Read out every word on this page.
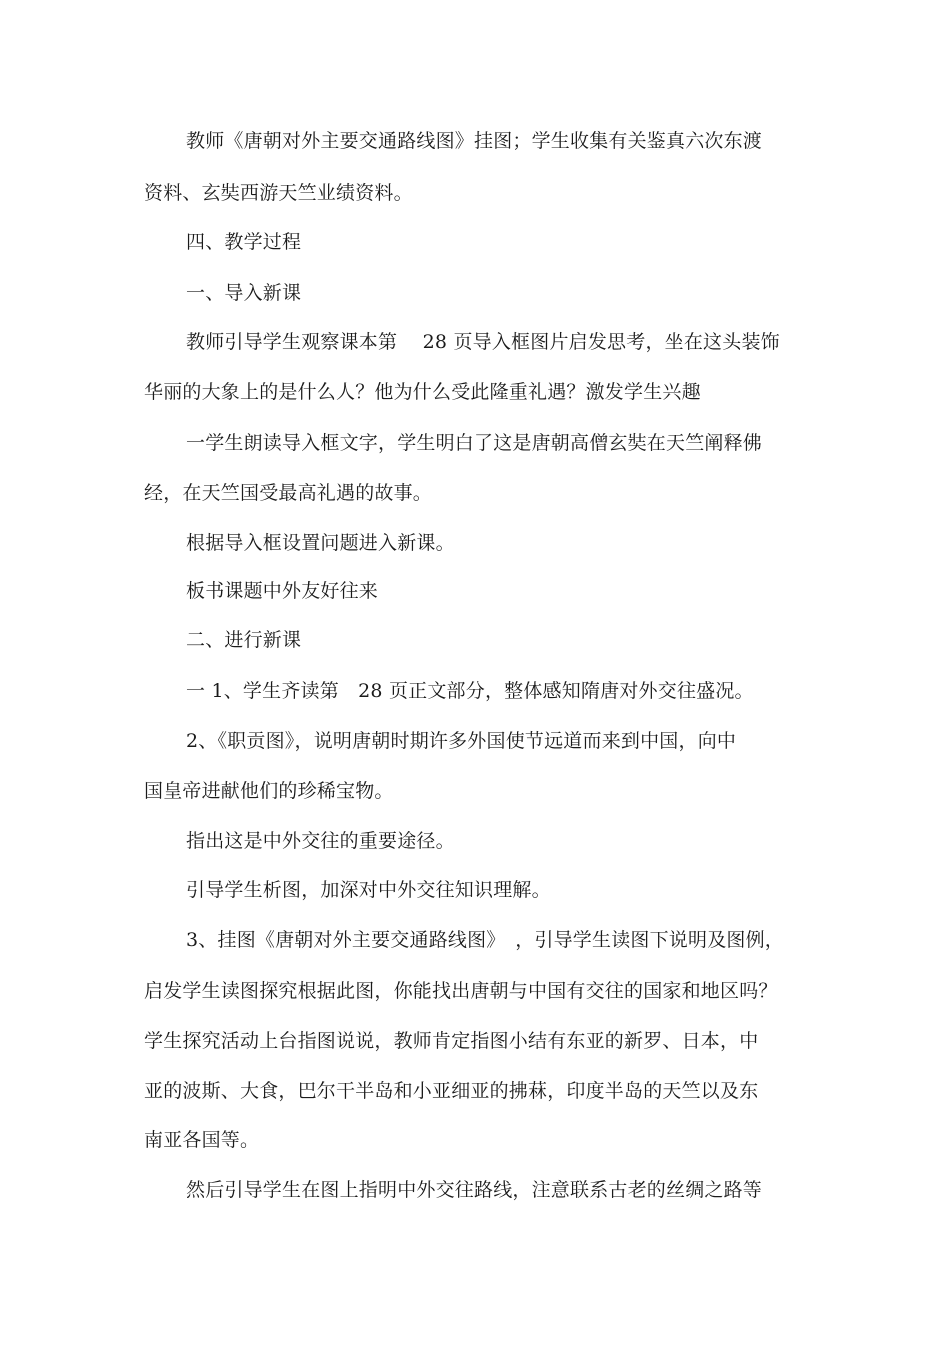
教师《唐朝对外主要交通路线图》挂图；学生收集有关鉴真六次东渡
资料、玄奘西游天竺业绩资料。
四、教学过程
一、导入新课
教师引导学生观察课本第　 28 页导入框图片启发思考，坐在这头装饰
华丽的大象上的是什么人？他为什么受此隆重礼遇？激发学生兴趣
一学生朗读导入框文字，学生明白了这是唐朝高僧玄奘在天竺阐释佛
经，在天竺国受最高礼遇的故事。
根据导入框设置问题进入新课。
板书课题中外友好往来
二、进行新课
一 1、学生齐读第　28 页正文部分，整体感知隋唐对外交往盛况。
2、《职贡图》，说明唐朝时期许多外国使节远道而来到中国，向中
国皇帝进献他们的珍稀宝物。
指出这是中外交往的重要途径。
引导学生析图，加深对中外交往知识理解。
3、挂图《唐朝对外主要交通路线图》　，引导学生读图下说明及图例，
启发学生读图探究根据此图，你能找出唐朝与中国有交往的国家和地区吗？
学生探究活动上台指图说说，教师肯定指图小结有东亚的新罗、日本，中
亚的波斯、大食，巴尔干半岛和小亚细亚的拂菻，印度半岛的天竺以及东
南亚各国等。
然后引导学生在图上指明中外交往路线，注意联系古老的丝绸之路等
